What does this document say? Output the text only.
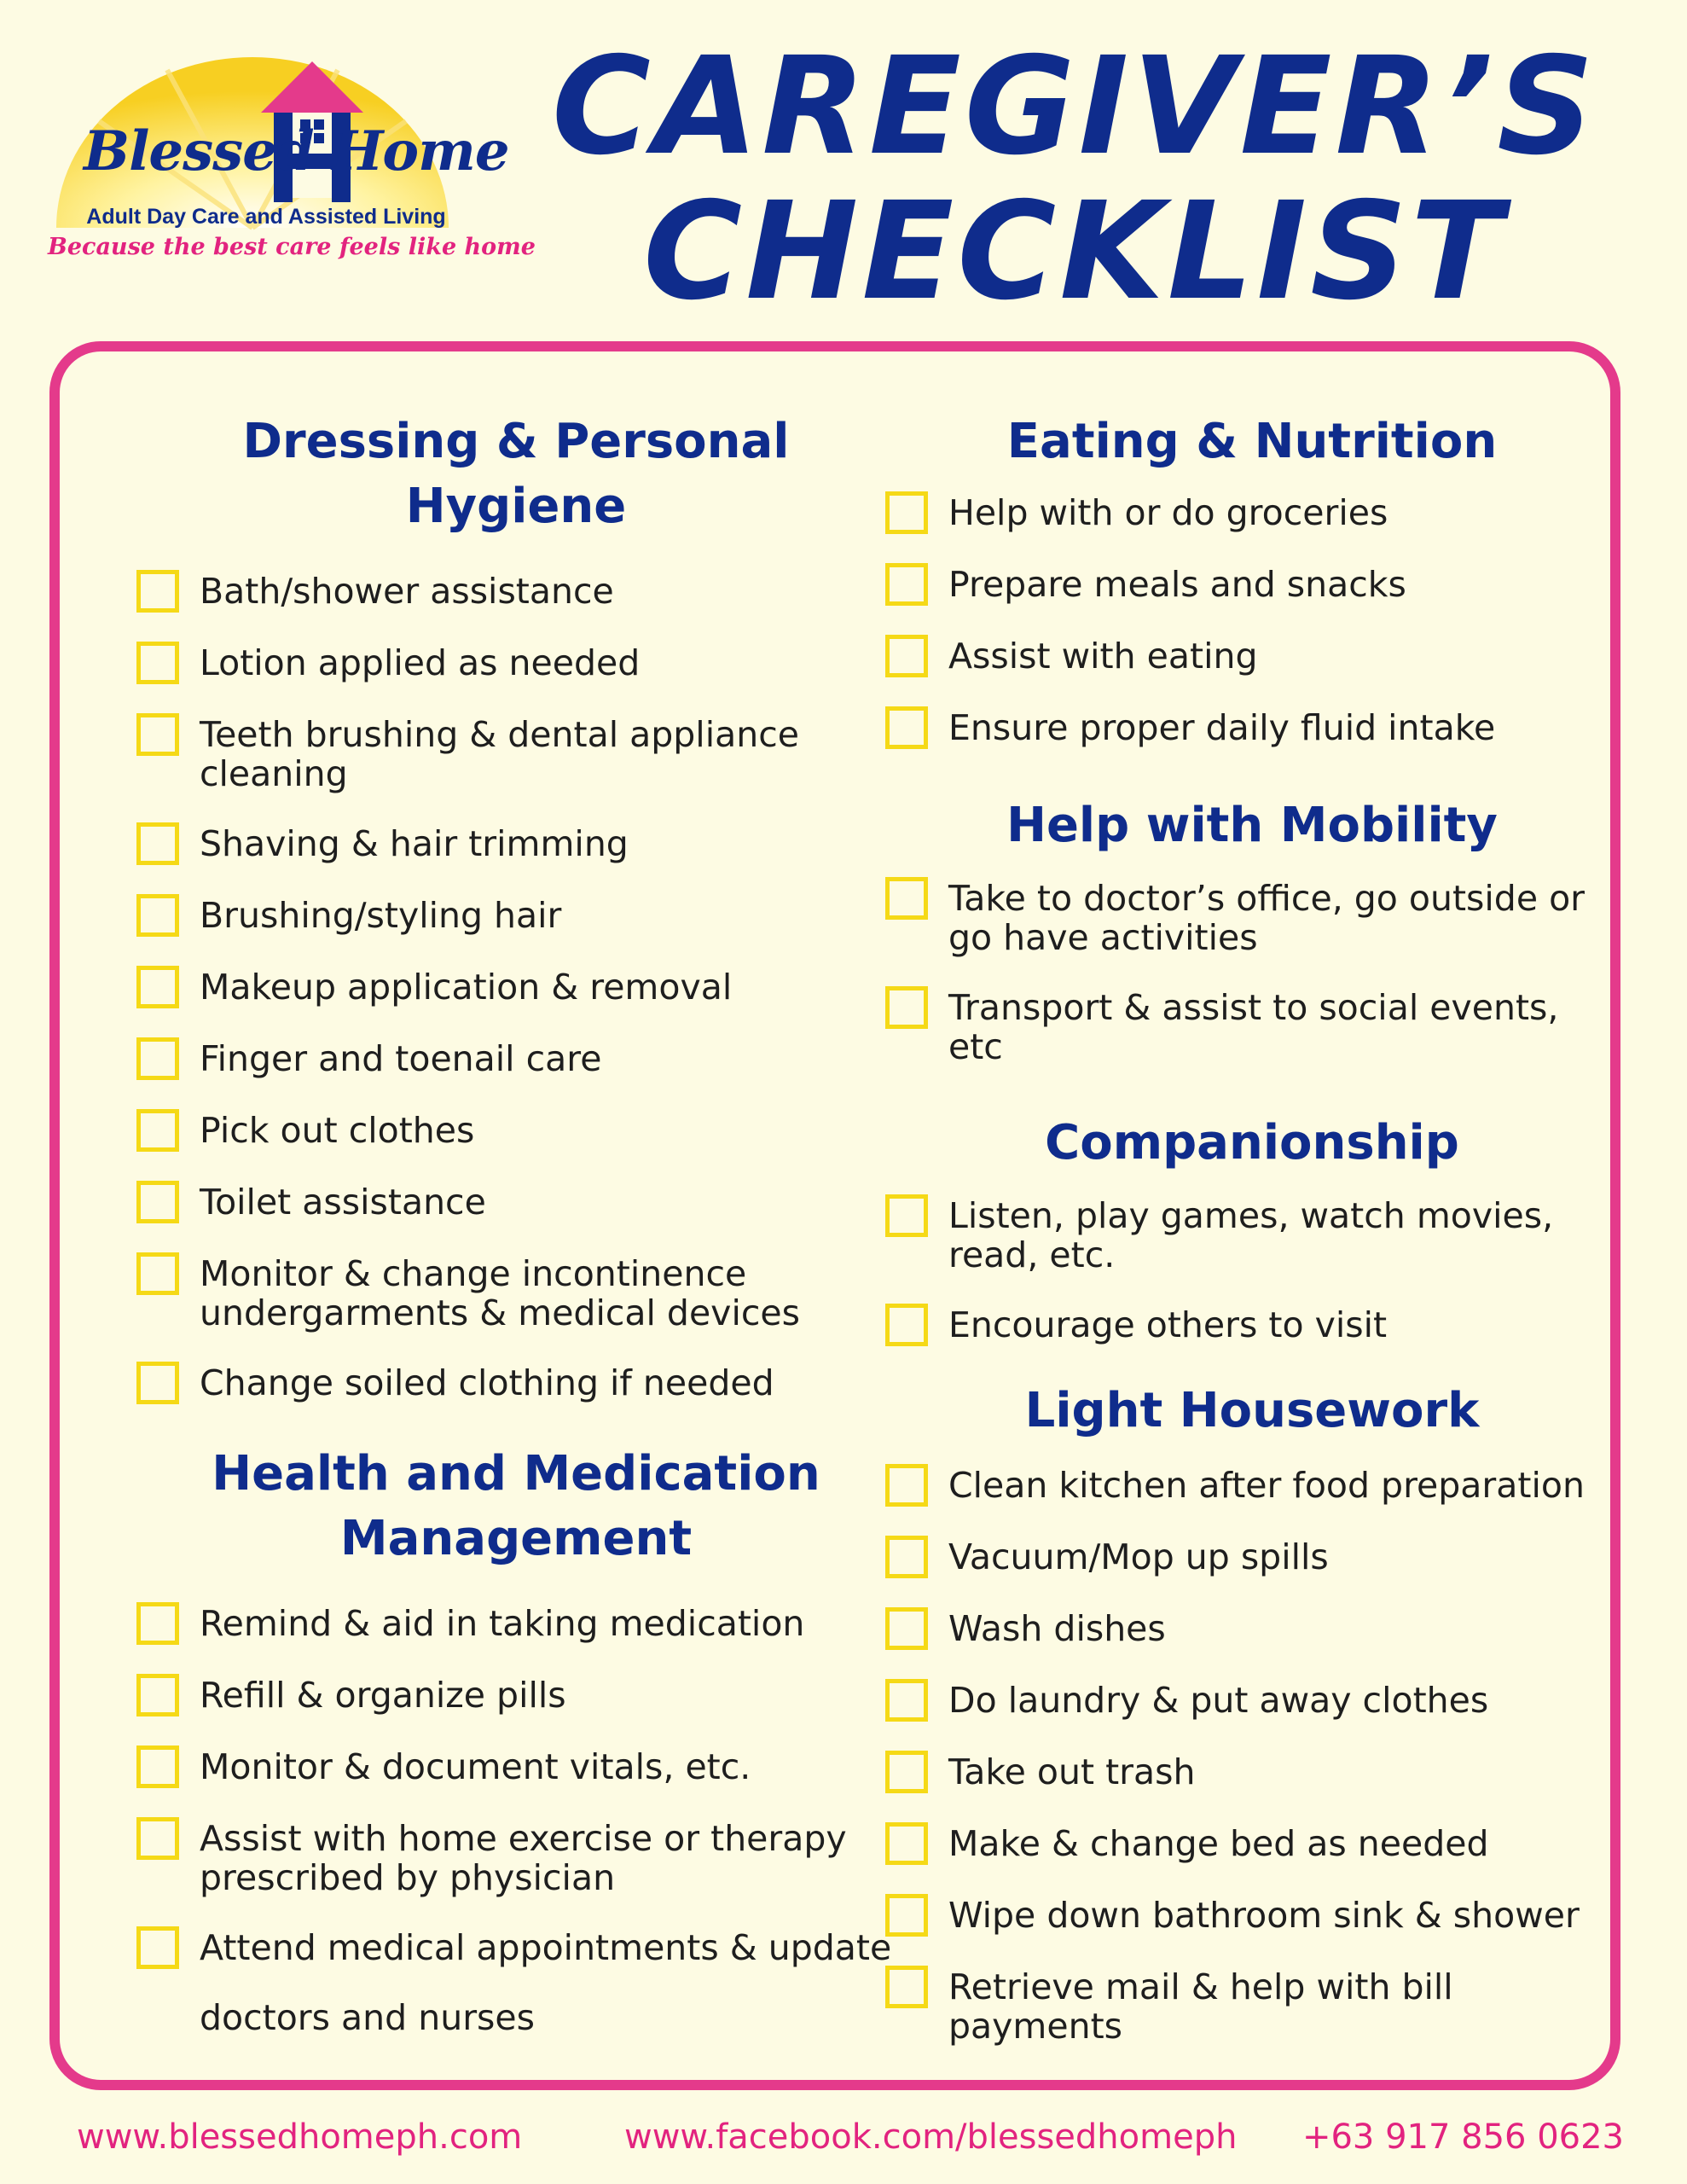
Blessed Home
Adult Day Care and Assisted Living
Because the best care feels like home
CAREGIVER’S
CHECKLIST
Dressing & Personal Hygiene
Bath/shower assistance
Lotion applied as needed
Teeth brushing & dental appliance cleaning
Shaving & hair trimming
Brushing/styling hair
Makeup application & removal
Finger and toenail care
Pick out clothes
Toilet assistance
Monitor & change incontinence undergarments & medical devices
Change soiled clothing if needed
Health and Medication Management
Remind & aid in taking medication
Refill & organize pills
Monitor & document vitals, etc.
Assist with home exercise or therapy prescribed by physician
Attend medical appointments & update doctors and nurses
Eating & Nutrition
Help with or do groceries
Prepare meals and snacks
Assist with eating
Ensure proper daily fluid intake
Help with Mobility
Take to doctor’s office, go outside or go have activities
Transport & assist to social events, etc
Companionship
Listen, play games, watch movies, read, etc.
Encourage others to visit
Light Housework
Clean kitchen after food preparation
Vacuum/Mop up spills
Wash dishes
Do laundry & put away clothes
Take out trash
Make & change bed as needed
Wipe down bathroom sink & shower
Retrieve mail & help with bill payments
www.blessedhomeph.com	www.facebook.com/blessedhomeph +63 917 856 0623
